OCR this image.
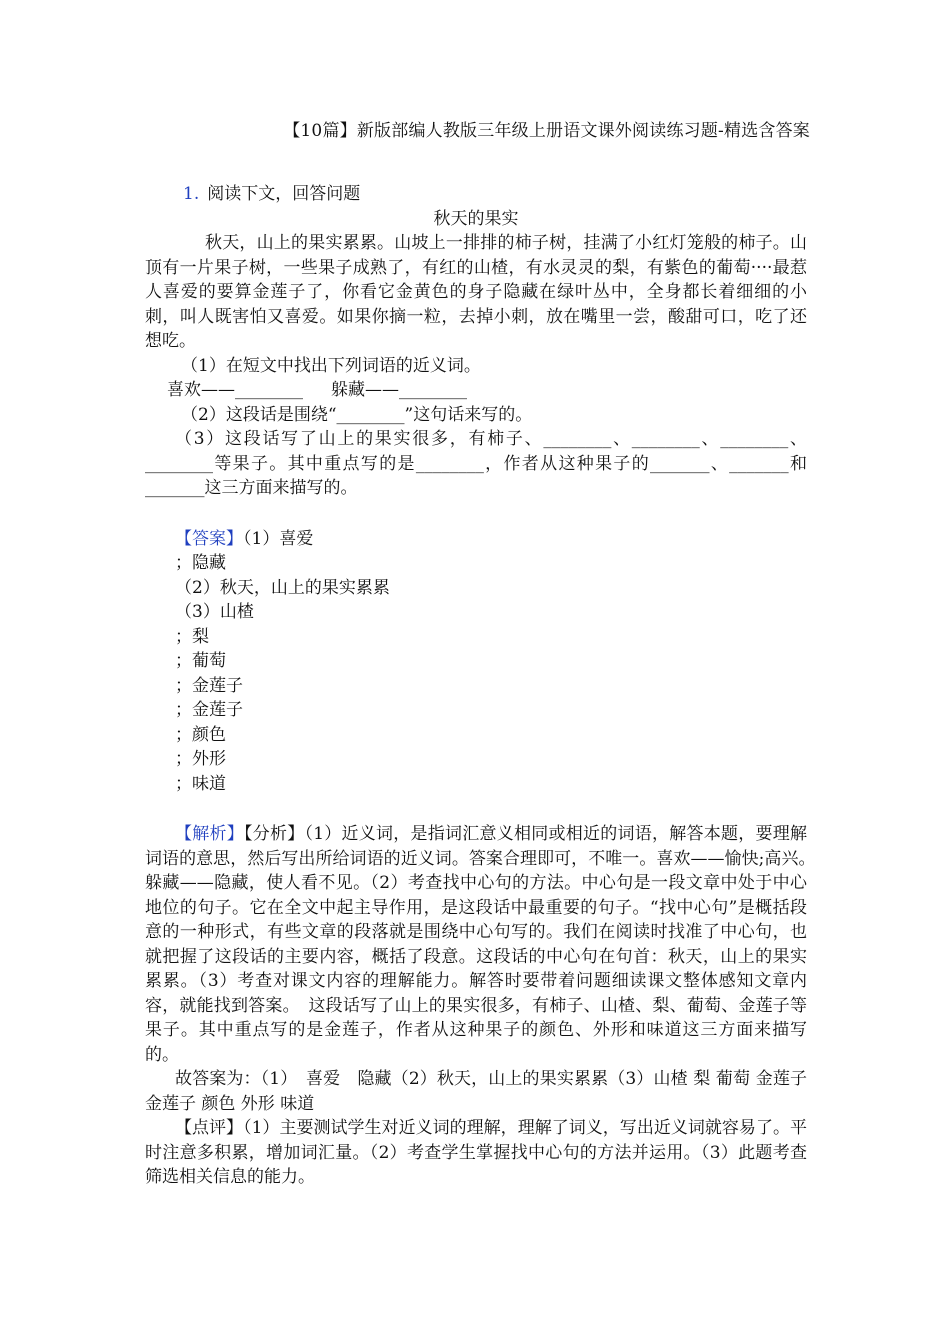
【10篇】新版部编人教版三年级上册语文课外阅读练习题-精选含答案
1. 阅读下文，回答问题
秋天的果实
秋天，山上的果实累累。山坡上一排排的柿子树，挂满了小红灯笼般的柿子。山顶有一片果子树，一些果子成熟了，有红的山楂，有水灵灵的梨，有紫色的葡萄····最惹人喜爱的要算金莲子了，你看它金黄色的身子隐藏在绿叶丛中，全身都长着细细的小刺，叫人既害怕又喜爱。如果你摘一粒，去掉小刺，放在嘴里一尝，酸甜可口，吃了还想吃。
（1）在短文中找出下列词语的近义词。
喜欢——________ 躲藏——________
（2）这段话是围绕“________”这句话来写的。
（3）这段话写了山上的果实很多，有柿子、________、________、________、________等果子。其中重点写的是________，作者从这种果子的_______、_______和_______这三方面来描写的。
【答案】（1）喜爱
；隐藏
（2）秋天，山上的果实累累
（3）山楂
；梨
；葡萄
；金莲子
；金莲子
；颜色
；外形
；味道
【解析】【分析】（1）近义词，是指词汇意义相同或相近的词语，解答本题，要理解词语的意思，然后写出所给词语的近义词。答案合理即可，不唯一。喜欢——愉快;高兴。　躲藏——隐藏，使人看不见。（2）考查找中心句的方法。中心句是一段文章中处于中心地位的句子。它在全文中起主导作用，是这段话中最重要的句子。“找中心句”是概括段意的一种形式，有些文章的段落就是围绕中心句写的。我们在阅读时找准了中心句，也就把握了这段话的主要内容，概括了段意。这段话的中心句在句首：秋天，山上的果实累累。（3）考查对课文内容的理解能力。解答时要带着问题细读课文整体感知文章内容，就能找到答案。　这段话写了山上的果实很多，有柿子、山楂、梨、葡萄、金莲子等果子。其中重点写的是金莲子，作者从这种果子的颜色、外形和味道这三方面来描写的。
故答案为：（1）　喜爱　隐藏（2）秋天，山上的果实累累（3）山楂 梨 葡萄 金莲子 金莲子 颜色 外形 味道
【点评】（1）主要测试学生对近义词的理解，理解了词义，写出近义词就容易了。平时注意多积累，增加词汇量。（2）考查学生掌握找中心句的方法并运用。（3）此题考查筛选相关信息的能力。
